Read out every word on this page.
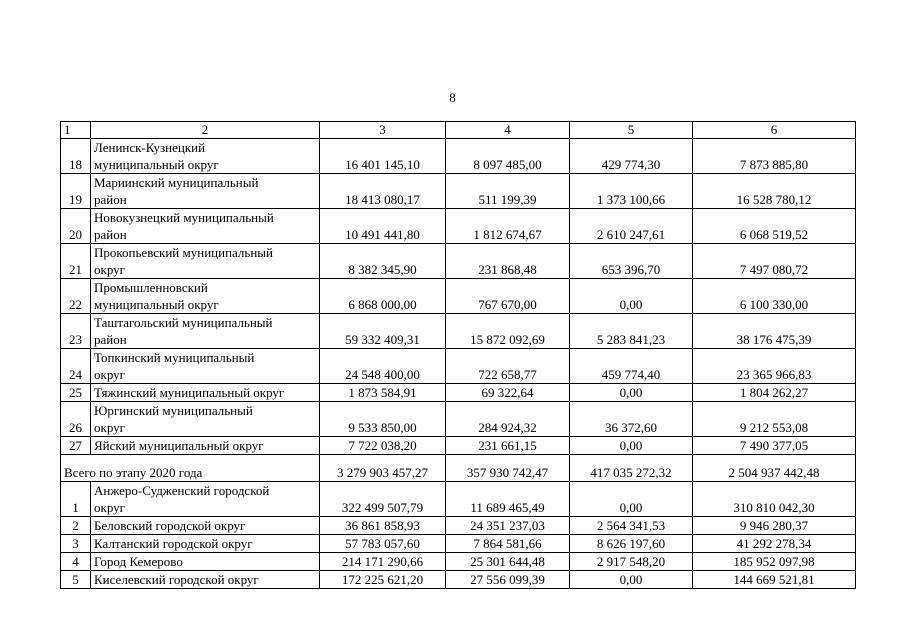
8
1	2	3	4	5	6
18	Ленинск-Кузнецкий
муниципальный округ	16 401 145,10	8 097 485,00	429 774,30	7 873 885,80
19	Мариинский муниципальный
район	18 413 080,17	511 199,39	1 373 100,66	16 528 780,12
20	Новокузнецкий муниципальный
район	10 491 441,80	1 812 674,67	2 610 247,61	6 068 519,52
21	Прокопьевский муниципальный
округ	8 382 345,90	231 868,48	653 396,70	7 497 080,72
22	Промышленновский
муниципальный округ	6 868 000,00	767 670,00	0,00	6 100 330,00
23	Таштагольский муниципальный
район	59 332 409,31	15 872 092,69	5 283 841,23	38 176 475,39
24	Топкинский муниципальный
округ	24 548 400,00	722 658,77	459 774,40	23 365 966,83
25	Тяжинский муниципальный округ	1 873 584,91	69 322,64	0,00	1 804 262,27
26	Юргинский муниципальный
округ	9 533 850,00	284 924,32	36 372,60	9 212 553,08
27	Яйский муниципальный округ	7 722 038,20	231 661,15	0,00	7 490 377,05
Всего по этапу 2020 года		3 279 903 457,27	357 930 742,47	417 035 272,32	2 504 937 442,48
1	Анжеро-Судженский городской
округ	322 499 507,79	11 689 465,49	0,00	310 810 042,30
2	Беловский городской округ	36 861 858,93	24 351 237,03	2 564 341,53	9 946 280,37
3	Калтанский городской округ	57 783 057,60	7 864 581,66	8 626 197,60	41 292 278,34
4	Город Кемерово	214 171 290,66	25 301 644,48	2 917 548,20	185 952 097,98
5	Киселевский городской округ	172 225 621,20	27 556 099,39	0,00	144 669 521,81
